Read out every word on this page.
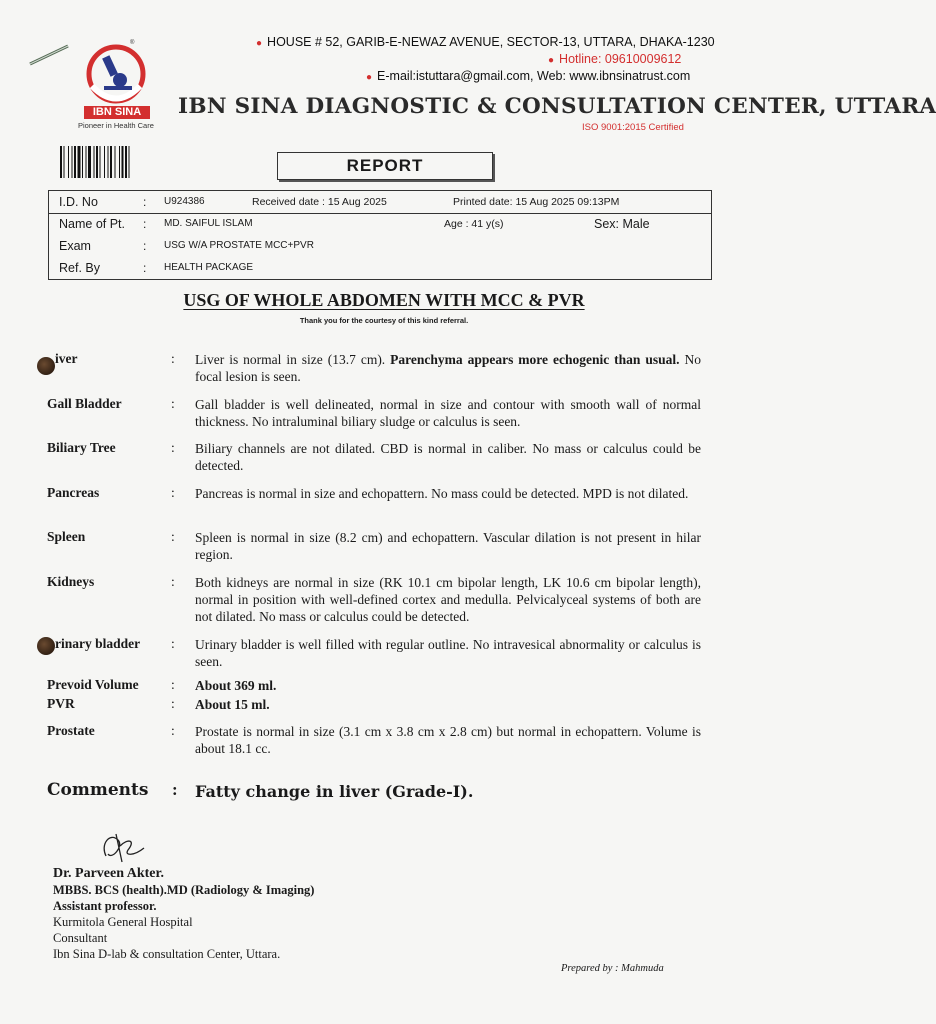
®
IBN SINA
Pioneer in Health Care
● HOUSE # 52, GARIB-E-NEWAZ AVENUE, SECTOR-13, UTTARA, DHAKA-1230
● Hotline: 09610009612
● E-mail:istuttara@gmail.com, Web: www.ibnsinatrust.com
IBN SINA DIAGNOSTIC & CONSULTATION CENTER, UTTARA
ISO 9001:2015 Certified
REPORT
I.D. No	: U924386	Received date : 15 Aug 2025	Printed date: 15 Aug 2025 09:13PM
Name of Pt. : MD. SAIFUL ISLAM	Age : 41 y(s)	Sex: Male
Exam	: USG W/A PROSTATE MCC+PVR
Ref. By	: HEALTH PACKAGE
USG OF WHOLE ABDOMEN WITH MCC & PVR
Thank you for the courtesy of this kind referral.
iver	: Liver is normal in size (13.7 cm). Parenchyma appears more echogenic than usual. No focal lesion is seen.
Gall Bladder	: Gall bladder is well delineated, normal in size and contour with smooth wall of normal thickness. No intraluminal biliary sludge or calculus is seen.
Biliary Tree	: Biliary channels are not dilated. CBD is normal in caliber. No mass or calculus could be detected.
Pancreas	: Pancreas is normal in size and echopattern. No mass could be detected. MPD is not dilated.
Spleen	: Spleen is normal in size (8.2 cm) and echopattern. Vascular dilation is not present in hilar region.
Kidneys	: Both kidneys are normal in size (RK 10.1 cm bipolar length, LK 10.6 cm bipolar length), normal in position with well-defined cortex and medulla. Pelvicalyceal systems of both are not dilated. No mass or calculus could be detected.
rinary bladder : Urinary bladder is well filled with regular outline. No intravesical abnormality or calculus is seen.
Prevoid Volume : About 369 ml.
PVR	: About 15 ml.
Prostate	: Prostate is normal in size (3.1 cm x 3.8 cm x 2.8 cm) but normal in echopattern. Volume is about 18.1 cc.
Comments : Fatty change in liver (Grade-I).
Dr. Parveen Akter.
MBBS. BCS (health).MD (Radiology & Imaging)
Assistant professor.
Kurmitola General Hospital
Consultant
Ibn Sina D-lab & consultation Center, Uttara.
Prepared by : Mahmuda
